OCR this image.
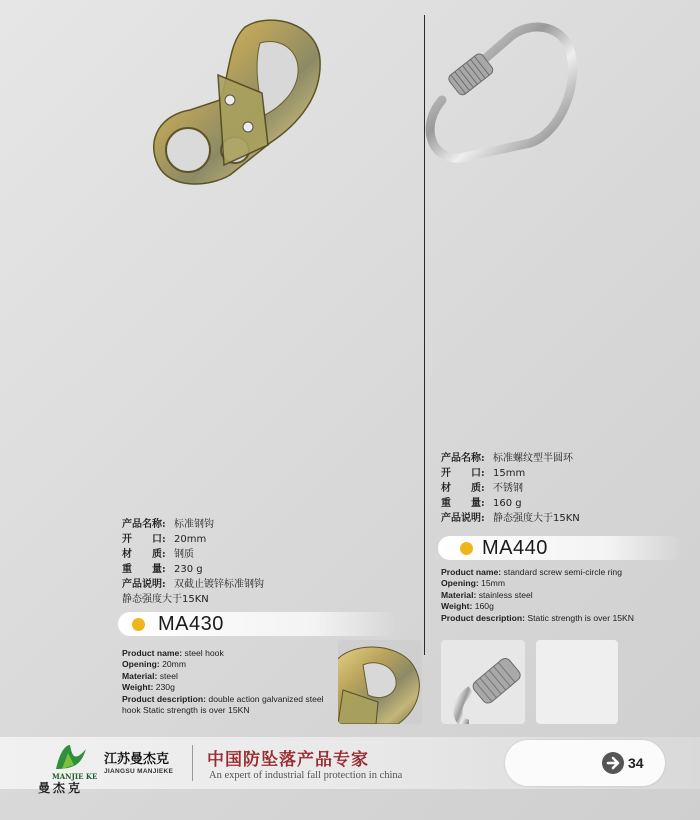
产品名称: 标准钢钩
开　　口: 20mm
材　　质: 钢质
重　　量: 230 g
产品说明: 双截止镀锌标准钢钩
静态强度大于15KN
MA430
Product name: steel hook
Opening: 20mm
Material: steel
Weight: 230g
Product description: double action galvanized steel
hook Static strength is over 15KN
产品名称: 标准螺纹型半圆环
开　　口: 15mm
材　　质: 不锈钢
重　　量: 160 g
产品说明: 静态强度大于15KN
MA440
Product name: standard screw semi-circle ring
Opening: 15mm
Material: stainless steel
Weight: 160g
Product description: Static strength is over 15KN
MANJIE KE
曼杰克
江苏曼杰克
JIANGSU MANJIEKE
中国防坠落产品专家
An expert of industrial fall protection in china
34
